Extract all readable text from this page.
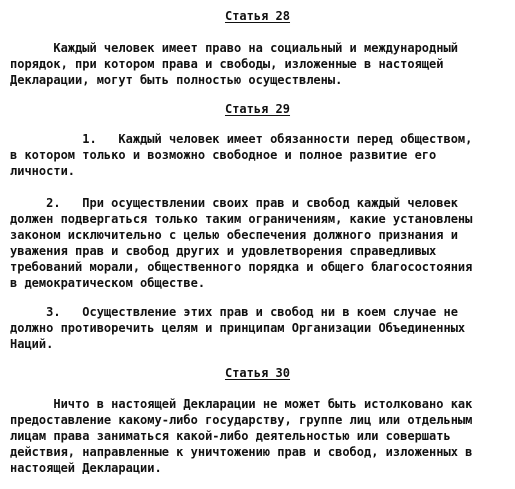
Статья 28
Каждый человек имеет право на социальный и международный
порядок, при котором права и свободы, изложенные в настоящей
Декларации, могут быть полностью осуществлены.
Статья 29
1.   Каждый человек имеет обязанности перед обществом,
в котором только и возможно свободное и полное развитие его
личности.
2.   При осуществлении своих прав и свобод каждый человек
должен подвергаться только таким ограничениям, какие установлены
законом исключительно с целью обеспечения должного признания и
уважения прав и свобод других и удовлетворения справедливых
требований морали, общественного порядка и общего благосостояния
в демократическом обществе.
3.   Осуществление этих прав и свобод ни в коем случае не
должно противоречить целям и принципам Организации Объединенных
Наций.
Статья 30
Ничто в настоящей Декларации не может быть истолковано как
предоставление какому-либо государству, группе лиц или отдельным
лицам права заниматься какой-либо деятельностью или совершать
действия, направленные к уничтожению прав и свобод, изложенных в
настоящей Декларации.
